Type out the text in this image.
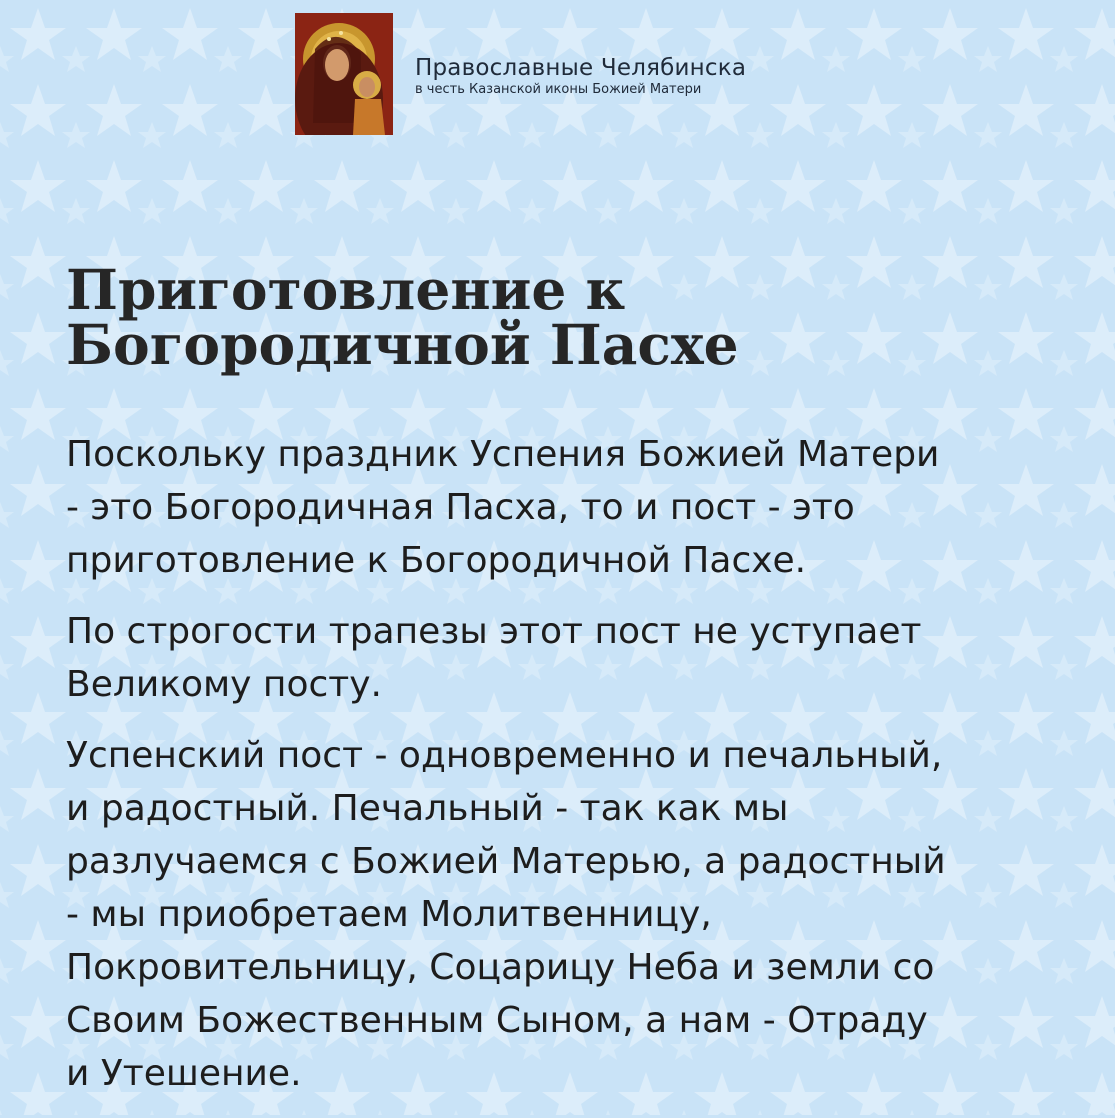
Православные Челябинска
в честь Казанской иконы Божией Матери
Приготовление к
Богородичной Пасхе

Поскольку праздник Успения Божией Матери
- это Богородичная Пасха, то и пост - это
приготовление к Богородичной Пасхе.

По строгости трапезы этот пост не уступает
Великому посту.

Успенский пост - одновременно и печальный,
и радостный. Печальный - так как мы
разлучаемся с Божией Матерью, а радостный
- мы приобретаем Молитвенницу,
Покровительницу, Соцарицу Неба и земли со
Своим Божественным Сыном, а нам - Отраду
и Утешение.
